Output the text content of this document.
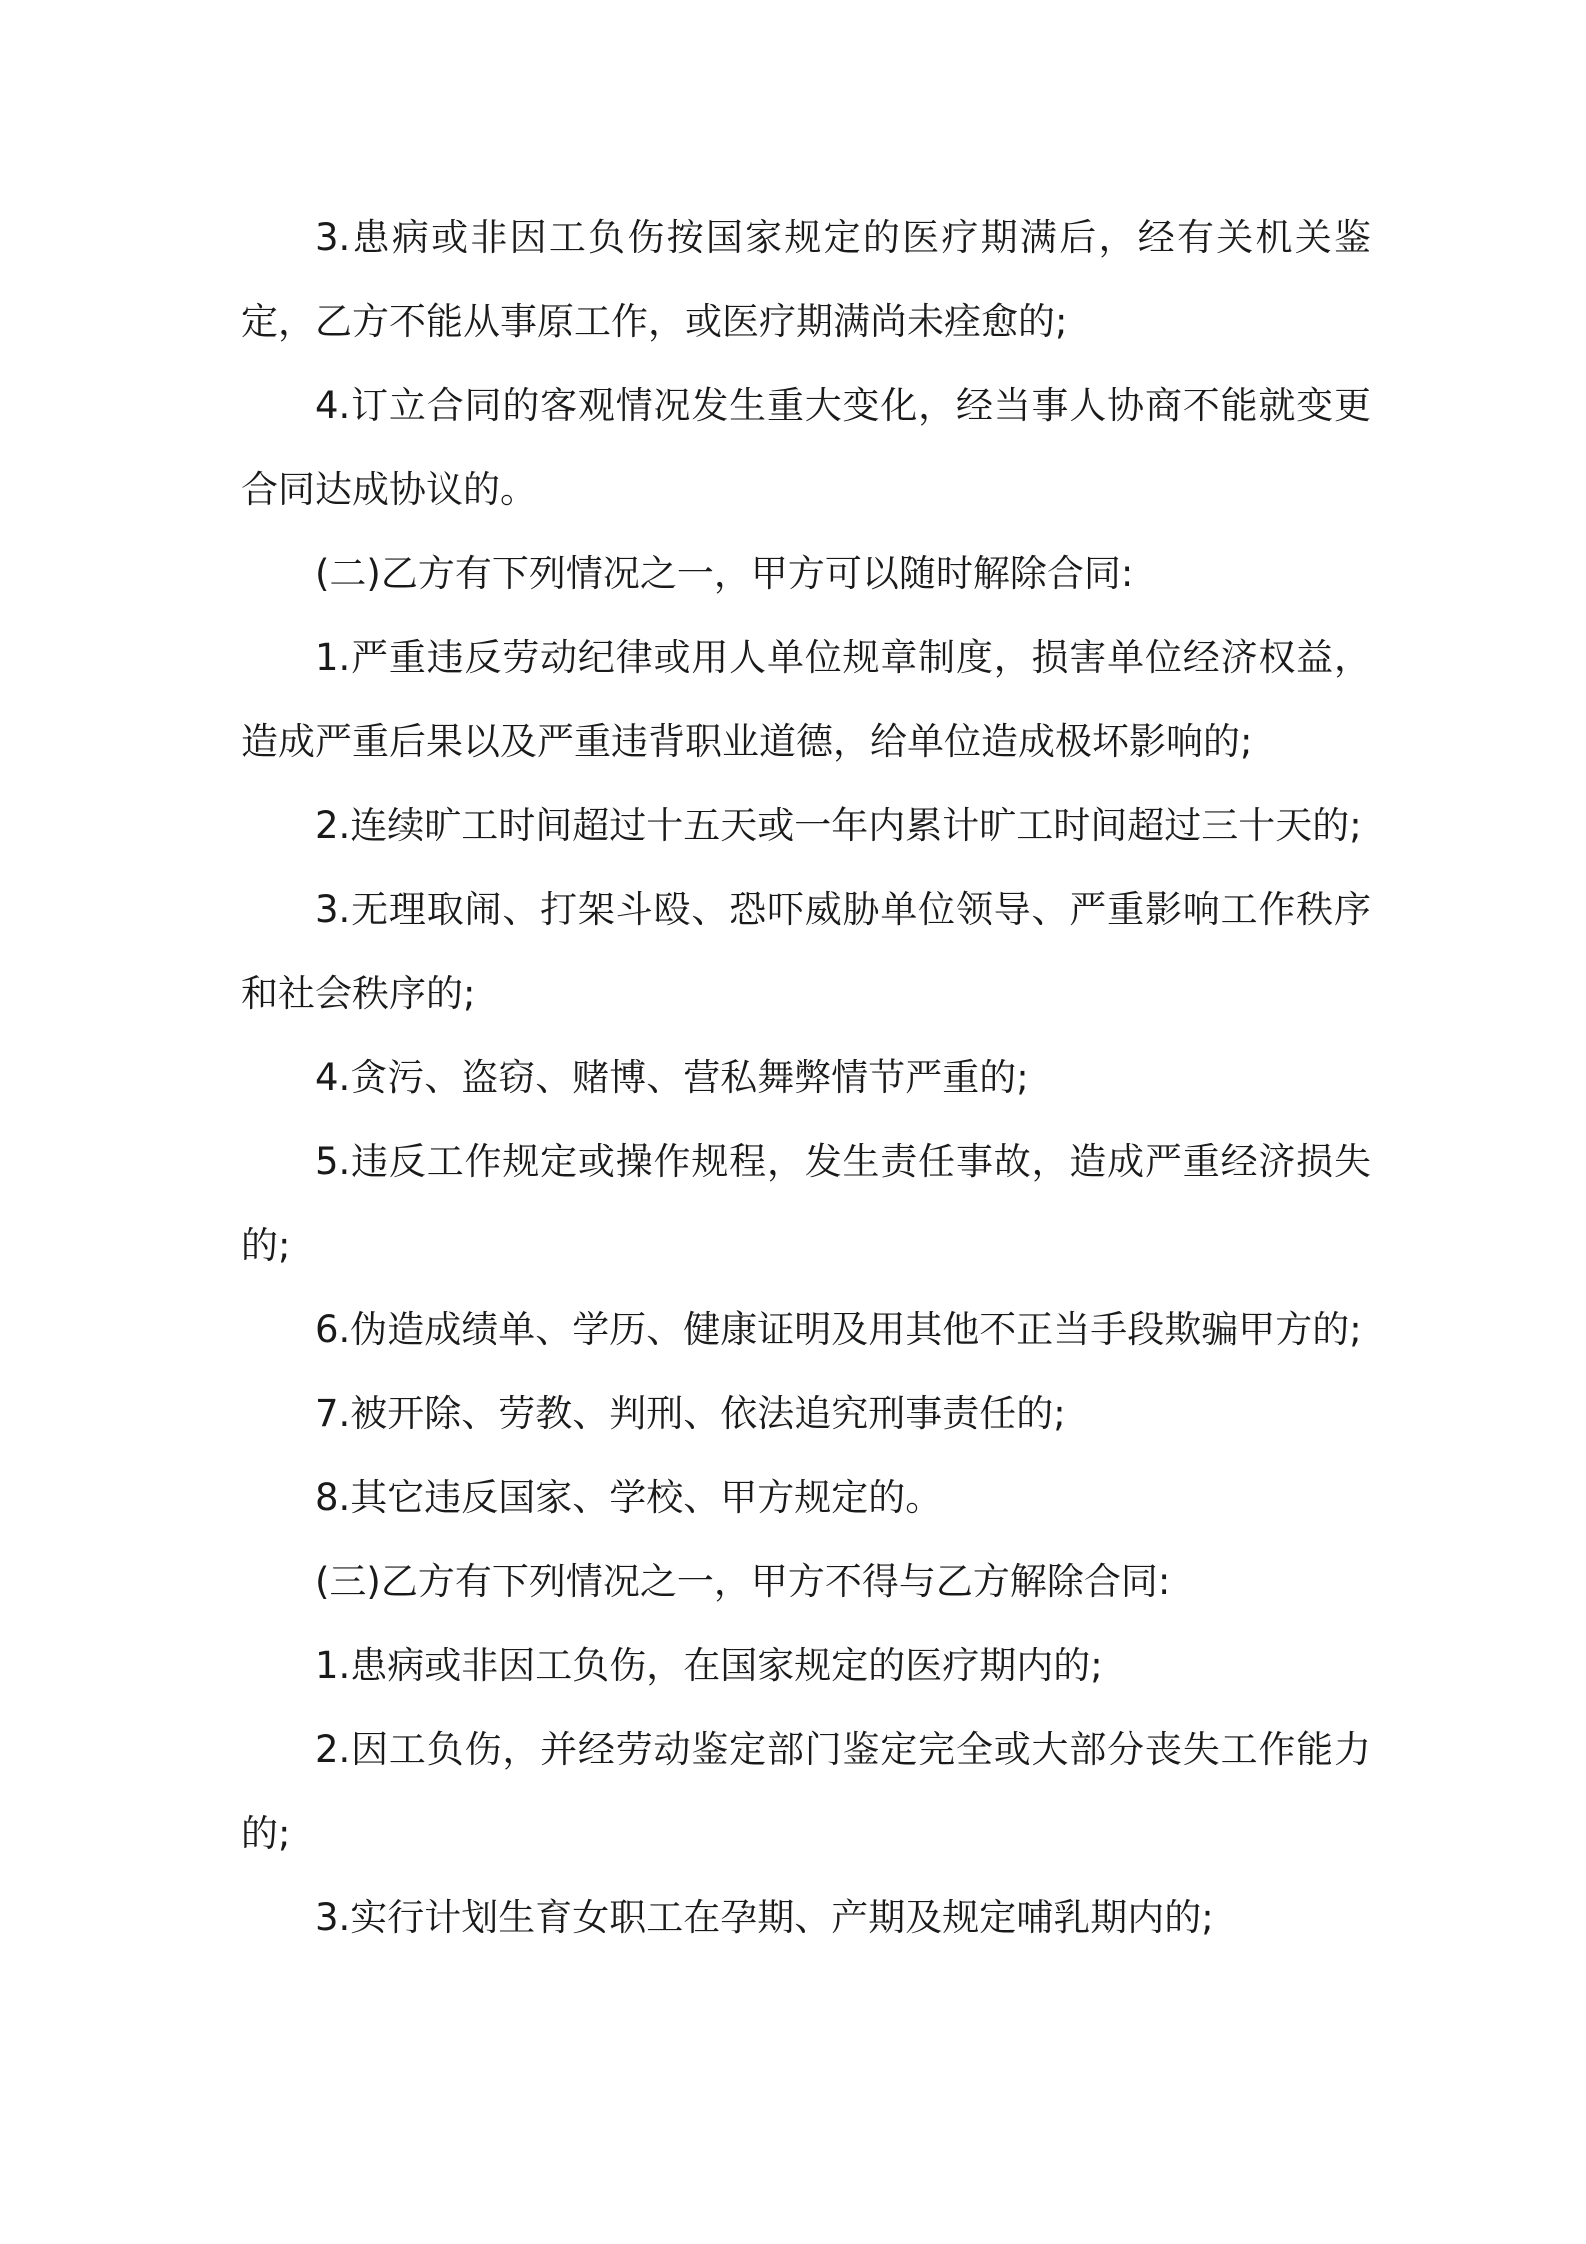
3.患病或非因工负伤按国家规定的医疗期满后，经有关机关鉴定，乙方不能从事原工作，或医疗期满尚未痊愈的;

4.订立合同的客观情况发生重大变化，经当事人协商不能就变更合同达成协议的。

(二)乙方有下列情况之一，甲方可以随时解除合同:

1.严重违反劳动纪律或用人单位规章制度，损害单位经济权益，造成严重后果以及严重违背职业道德，给单位造成极坏影响的;

2.连续旷工时间超过十五天或一年内累计旷工时间超过三十天的;

3.无理取闹、打架斗殴、恐吓威胁单位领导、严重影响工作秩序和社会秩序的;

4.贪污、盗窃、赌博、营私舞弊情节严重的;

5.违反工作规定或操作规程，发生责任事故，造成严重经济损失的;

6.伪造成绩单、学历、健康证明及用其他不正当手段欺骗甲方的;

7.被开除、劳教、判刑、依法追究刑事责任的;

8.其它违反国家、学校、甲方规定的。

(三)乙方有下列情况之一，甲方不得与乙方解除合同:

1.患病或非因工负伤，在国家规定的医疗期内的;

2.因工负伤，并经劳动鉴定部门鉴定完全或大部分丧失工作能力的;

3.实行计划生育女职工在孕期、产期及规定哺乳期内的;
